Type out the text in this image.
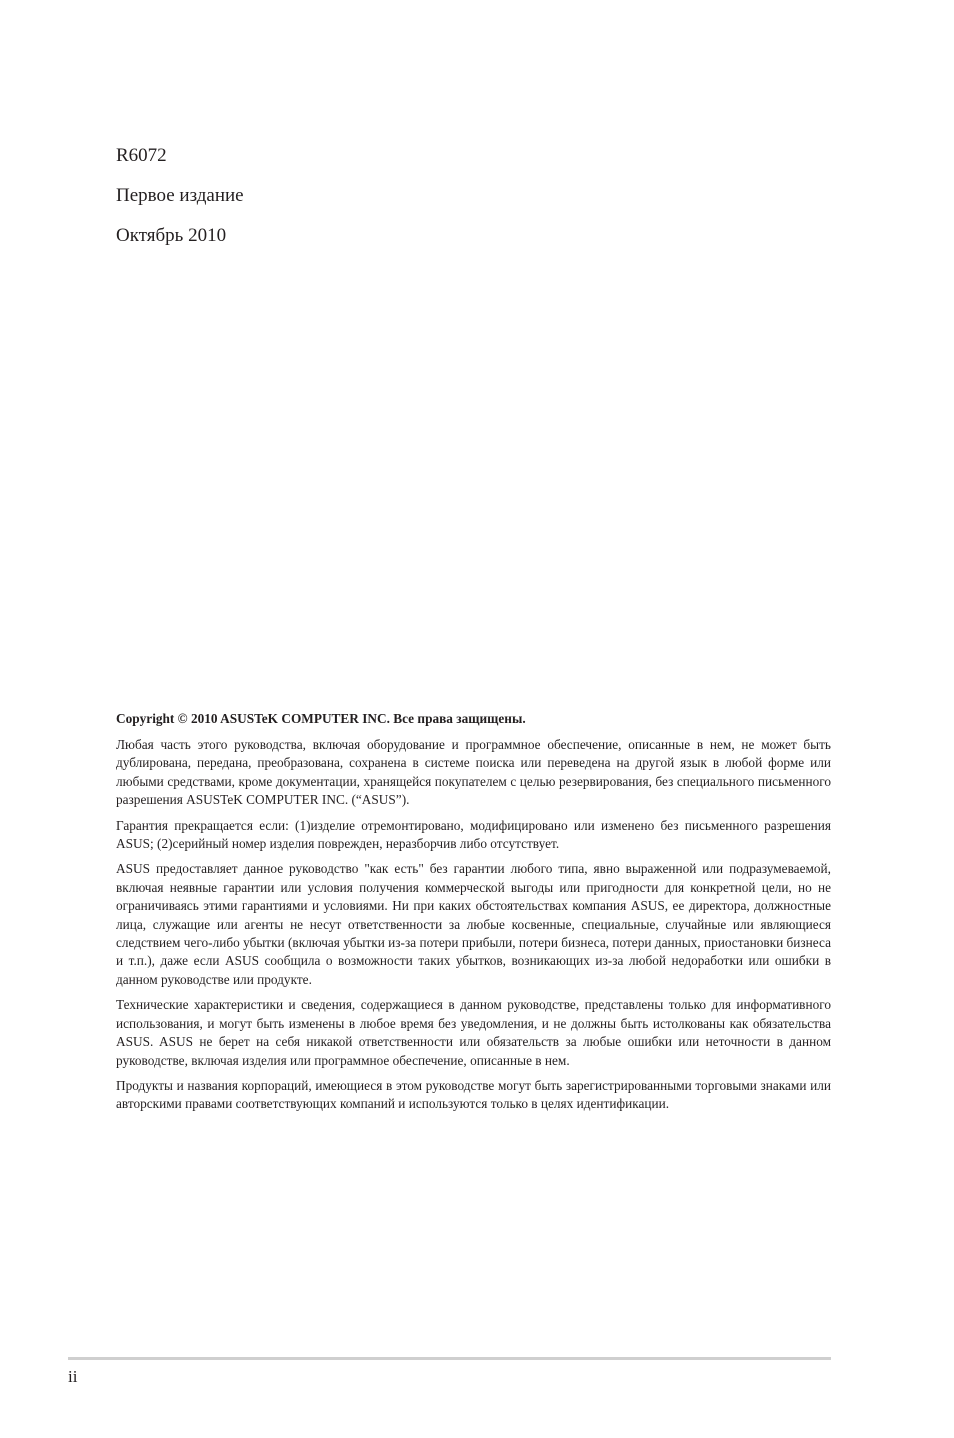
R6072

Первое издание

Октябрь 2010

Copyright © 2010 ASUSTeK COMPUTER INC. Все права защищены.

Любая часть этого руководства, включая оборудование и программное обеспечение, описанные в нем, не может быть дублирована, передана, преобразована, сохранена в системе поиска или переведена на другой язык в любой форме или любыми средствами, кроме документации, хранящейся покупателем с целью резервирования, без специального письменного разрешения ASUSTeK COMPUTER INC. (“ASUS”).

Гарантия прекращается если: (1)изделие отремонтировано, модифицировано или изменено без письменного разрешения ASUS; (2)серийный номер изделия поврежден, неразборчив либо отсутствует.

ASUS предоставляет данное руководство "как есть" без гарантии любого типа, явно выраженной или подразумеваемой, включая неявные гарантии или условия получения коммерческой выгоды или пригодности для конкретной цели, но не ограничиваясь этими гарантиями и условиями. Ни при каких обстоятельствах компания ASUS, ее директора, должностные лица, служащие или агенты не несут ответственности за любые косвенные, специальные, случайные или являющиеся следствием чего-либо убытки (включая убытки из-за потери прибыли, потери бизнеса, потери данных, приостановки бизнеса и т.п.), даже если ASUS сообщила о возможности таких убытков, возникающих из-за любой недоработки или ошибки в данном руководстве или продукте.

Технические характеристики и сведения, содержащиеся в данном руководстве, представлены только для информативного использования, и могут быть изменены в любое время без уведомления, и не должны быть истолкованы как обязательства ASUS. ASUS не берет на себя никакой ответственности или обязательств за любые ошибки или неточности в данном руководстве, включая изделия или программное обеспечение, описанные в нем.

Продукты и названия корпораций, имеющиеся в этом руководстве могут быть зарегистрированными торговыми знаками или авторскими правами соответствующих компаний и используются только в целях идентификации.

ii
